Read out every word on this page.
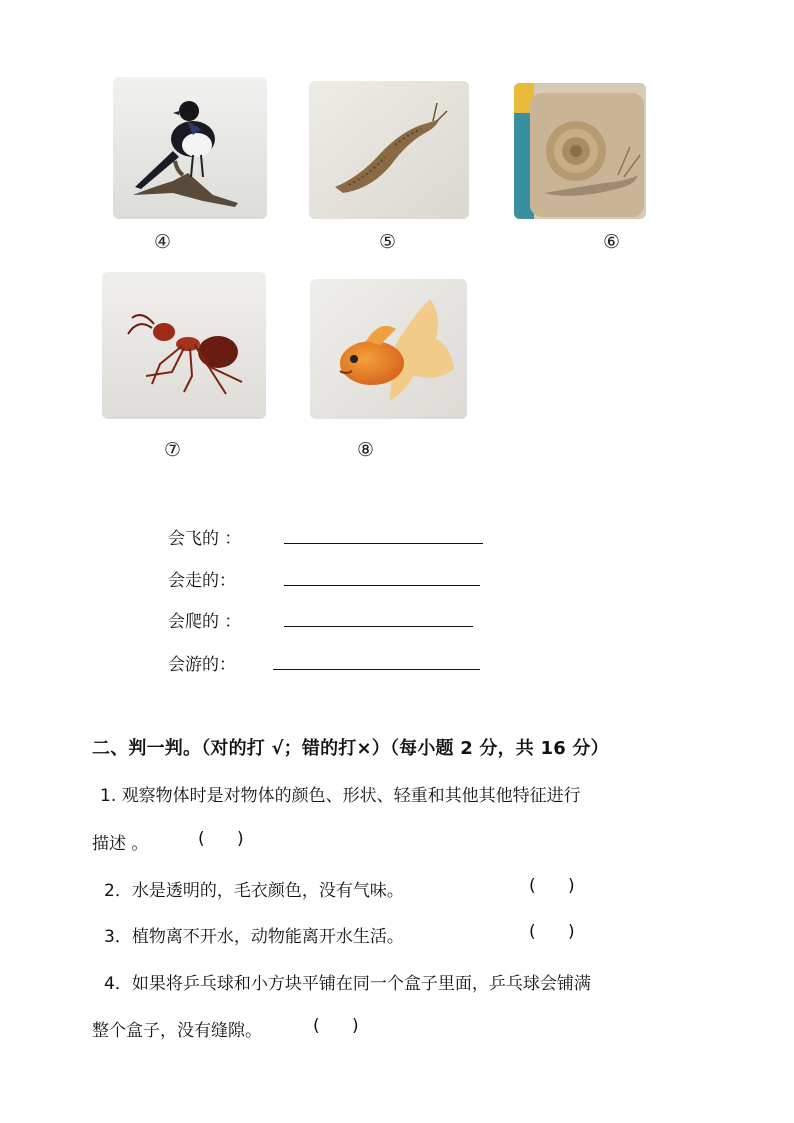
④	⑤	⑥
⑦	⑧
会飞的 ：
会走的：
会爬的 ：
会游的：
二、判一判。（对的打 √；错的打×）（每小题 2 分，共 16 分）
1. 观察物体时是对物体的颜色、形状、轻重和其他其他特征进行
描述 。	(      )
2．水是透明的，毛衣颜色，没有气味。	(      )
3．植物离不开水，动物能离开水生活。	(      )
4．如果将乒乓球和小方块平铺在同一个盒子里面，乒乓球会铺满
整个盒子，没有缝隙。	(      )
